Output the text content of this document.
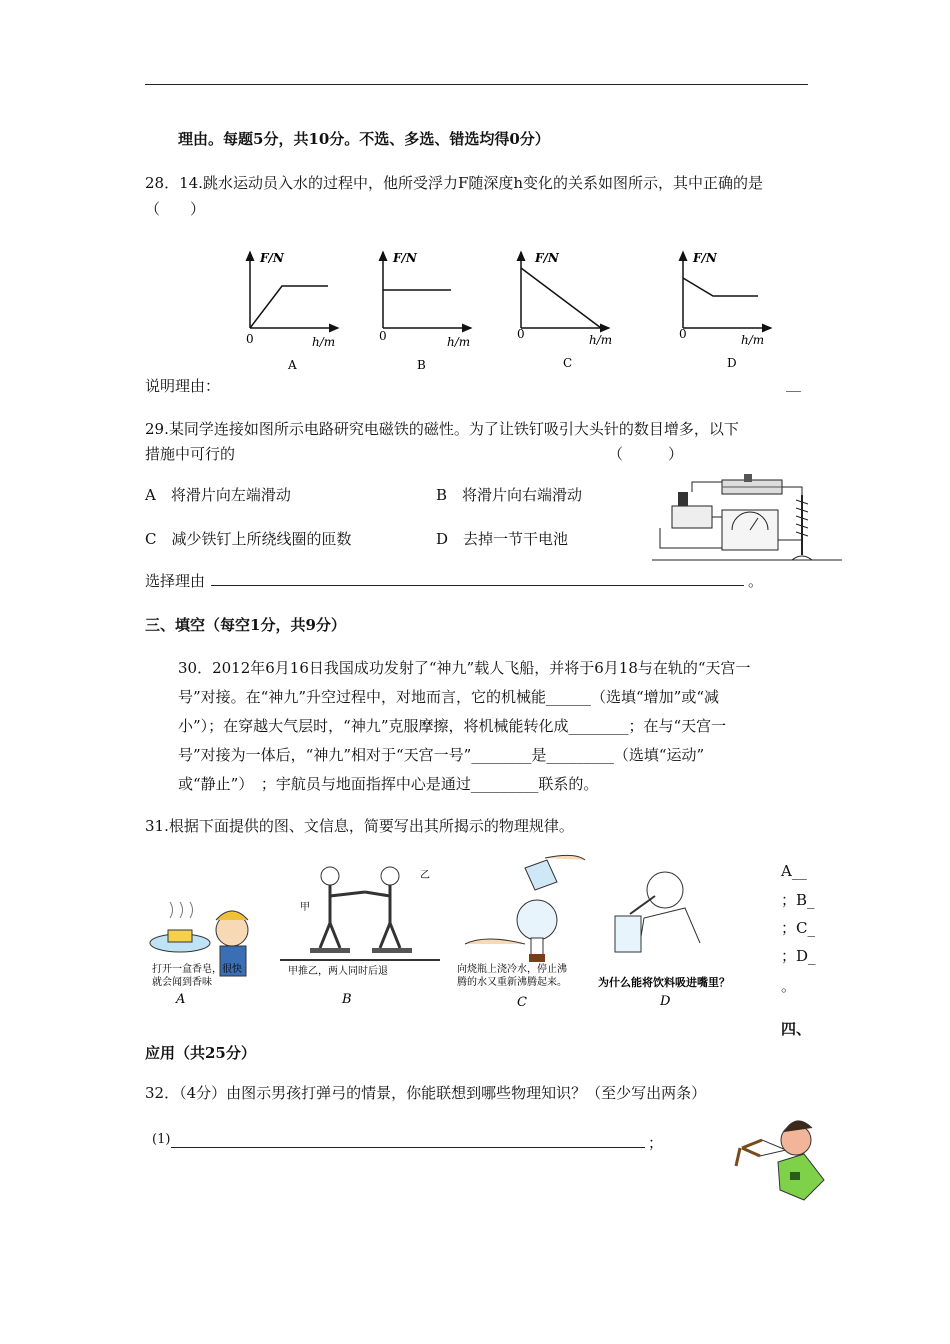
理由。每题5分，共10分。不选、多选、错选均得0分）
28．14.跳水运动员入水的过程中，他所受浮力F随深度h变化的关系如图所示，其中正确的是
（　　）
F/N
0	h/m
A
F/N
0	h/m
B
F/N
0	h/m
C
F/N
0	h/m
D
说明理由：	__
29.某同学连接如图所示电路研究电磁铁的磁性。为了让铁钉吸引大头针的数目增多，以下
措施中可行的	（　　　）
A　将滑片向左端滑动	B　将滑片向右端滑动
C　减少铁钉上所绕线圈的匝数	D　去掉一节干电池
选择理由	。
三、填空（每空1分，共9分）
30．2012年6月16日我国成功发射了“神九”载人飞船，并将于6月18与在轨的“天宫一
号”对接。在“神九”升空过程中，对地而言，它的机械能______（选填“增加”或“减
小”）；在穿越大气层时，“神九”克服摩擦，将机械能转化成________；在与“天宫一
号”对接为一体后，“神九”相对于“天宫一号”________是_________（选填“运动”
或“静止”）　；宇航员与地面指挥中心是通过_________联系的。
31.根据下面提供的图、文信息，简要写出其所揭示的物理规律。
打开一盒香皂，很快
就会闻到香味
A
甲
乙
甲推乙，两人同时后退
B
向烧瓶上浇冷水，停止沸
腾的水又重新沸腾起来。
C
为什么能将饮料吸进嘴里？
D
A__
；B_
；C_
；D_
。
四、
应用（共25分）
32．（4分）由图示男孩打弹弓的情景，你能联想到哪些物理知识？（至少写出两条）
(1)	；
